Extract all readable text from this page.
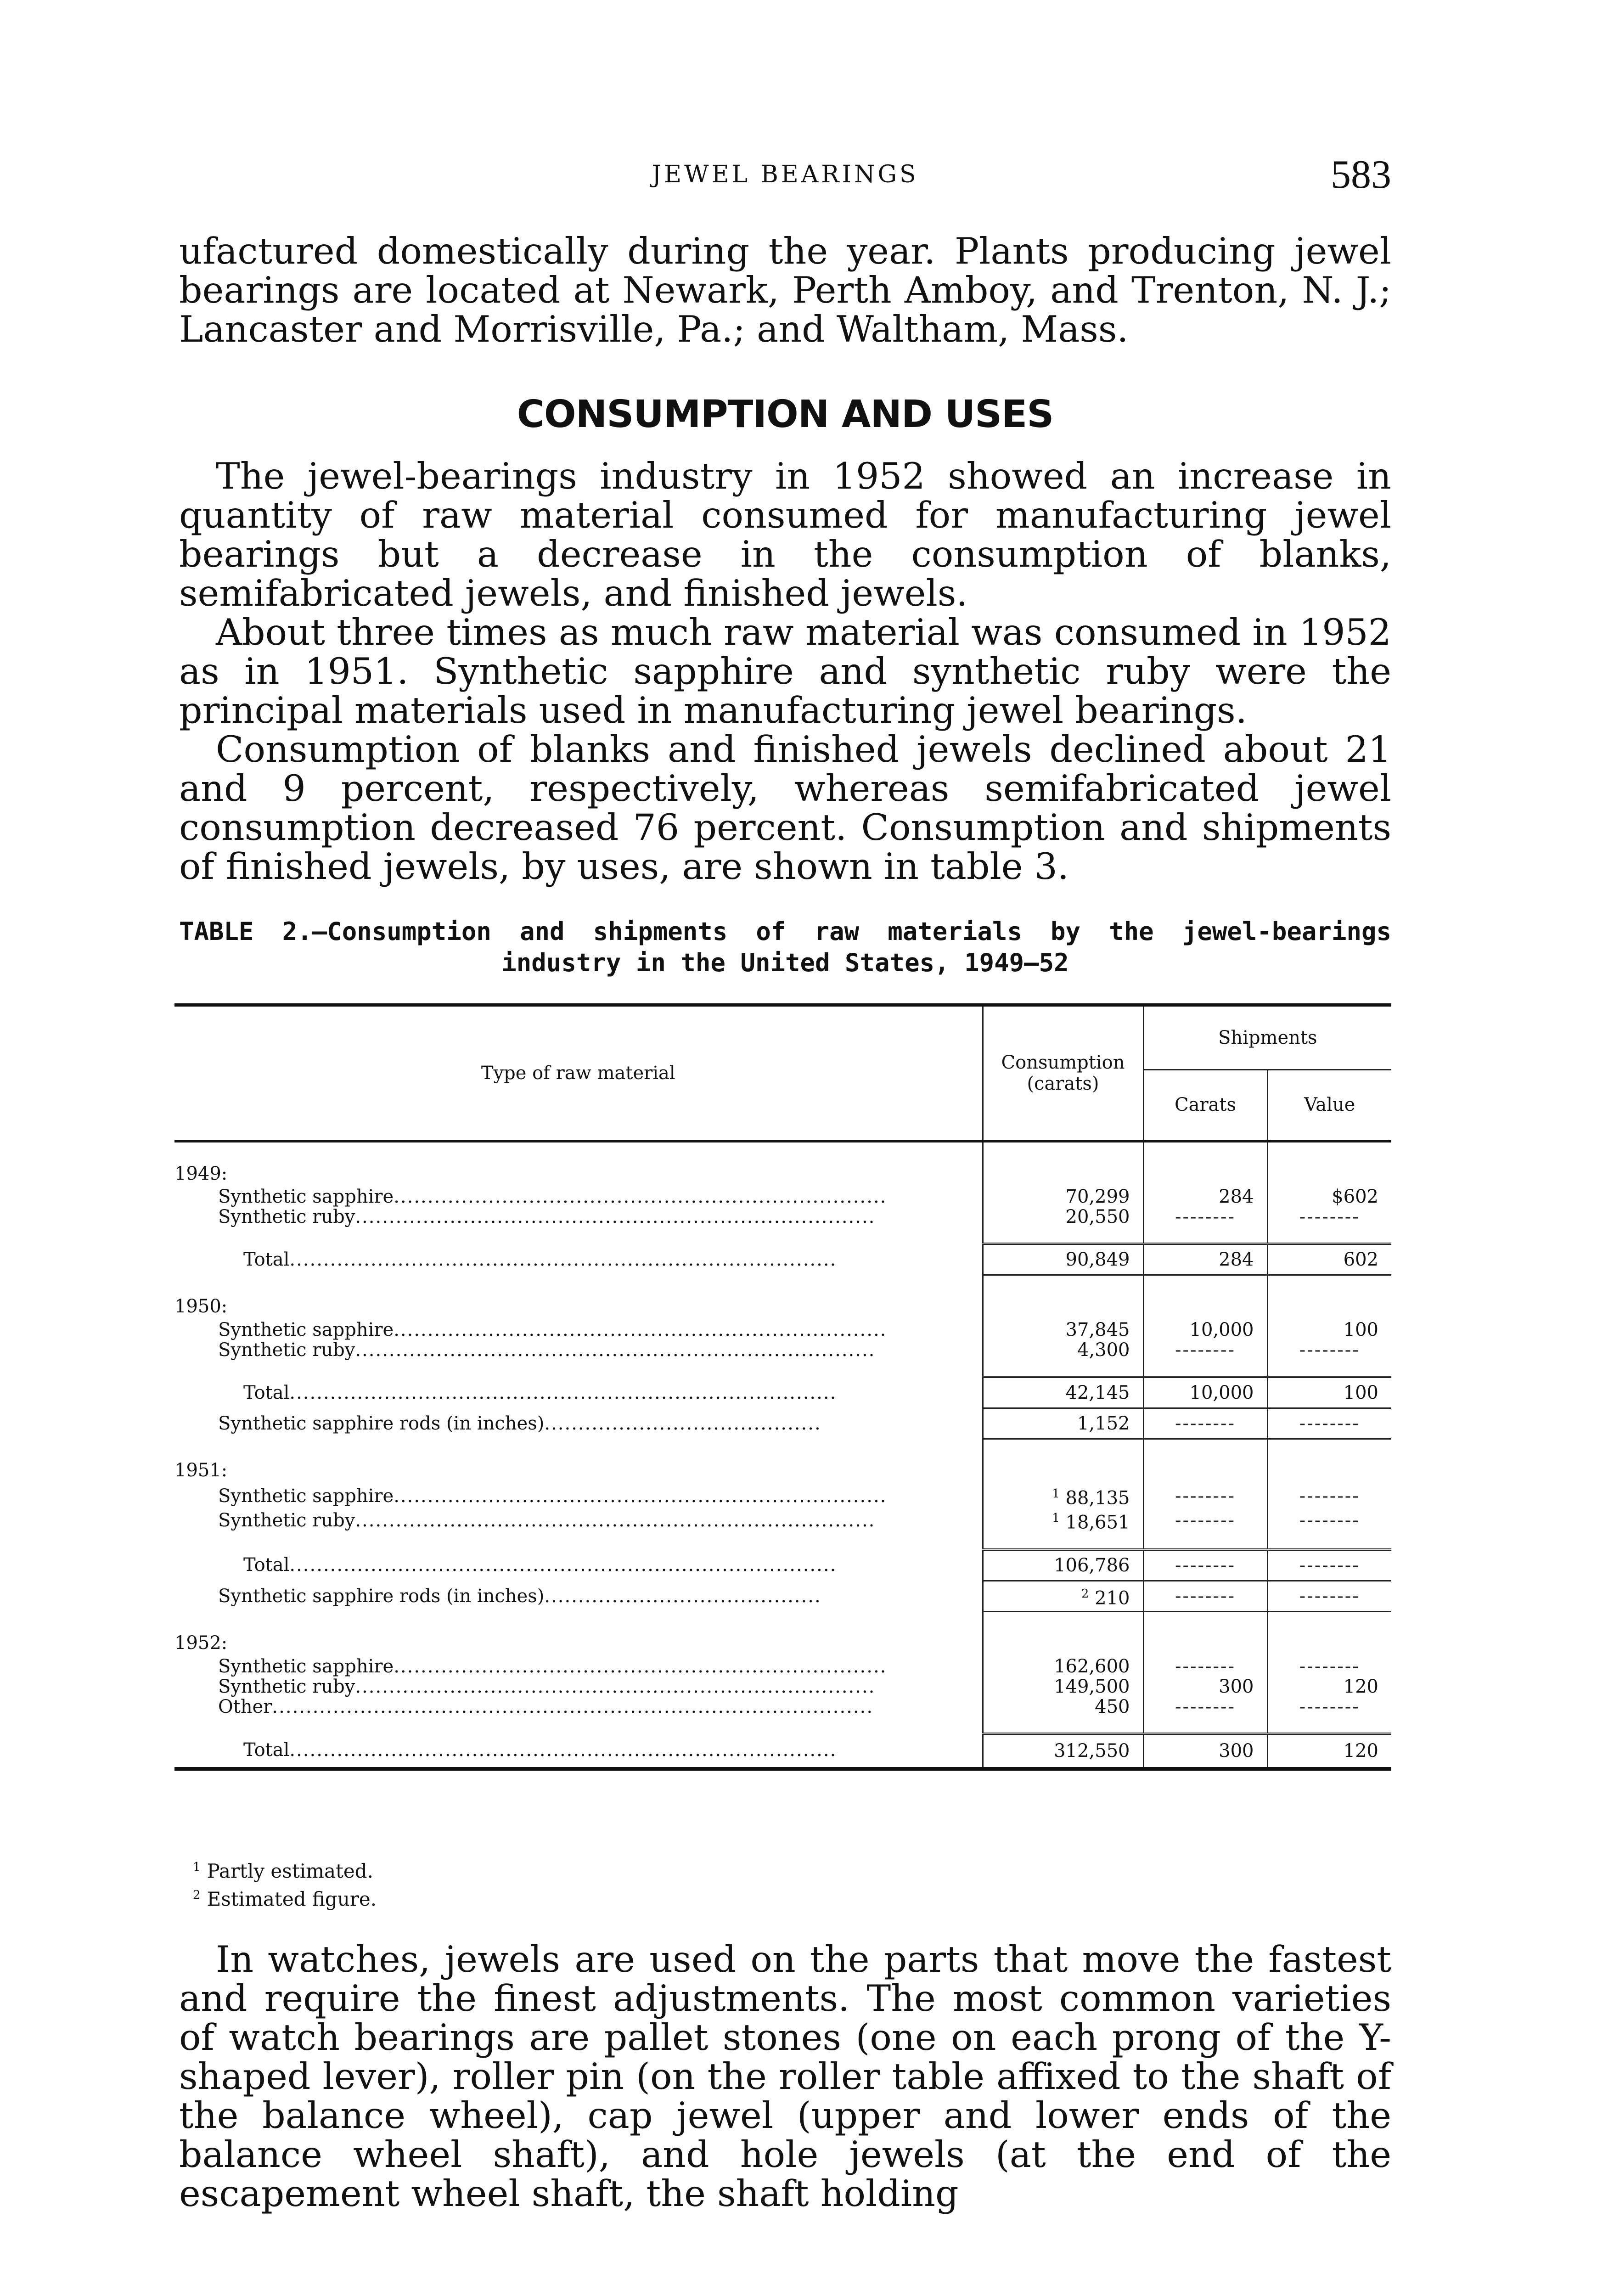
JEWEL BEARINGS	583

ufactured domestically during the year. Plants producing jewel bearings are located at Newark, Perth Amboy, and Trenton, N. J.; Lancaster and Morrisville, Pa.; and Waltham, Mass.

CONSUMPTION AND USES

The jewel-bearings industry in 1952 showed an increase in quantity of raw material consumed for manufacturing jewel bearings but a decrease in the consumption of blanks, semifabricated jewels, and finished jewels.

About three times as much raw material was consumed in 1952 as in 1951. Synthetic sapphire and synthetic ruby were the principal materials used in manufacturing jewel bearings.

Consumption of blanks and finished jewels declined about 21 and 9 percent, respectively, whereas semifabricated jewel consumption decreased 76 percent. Consumption and shipments of finished jewels, by uses, are shown in table 3.

TABLE 2.—Consumption and shipments of raw materials by the jewel-bearings
industry in the United States, 1949–52
Type of raw material	Consumption (carats)	Shipments	
		Carats	Value
1949:			
Synthetic sapphire.........................................................................	70,299	284	$602
Synthetic ruby.............................................................................	20,550	--------	--------

Total.................................................................................	90,849	284	602
1950:			
Synthetic sapphire.........................................................................	37,845	10,000	100
Synthetic ruby.............................................................................	4,300	--------	--------

Total.................................................................................	42,145	10,000	100
Synthetic sapphire rods (in inches).........................................	1,152	--------	--------
1951:			
Synthetic sapphire.........................................................................	$^1$ 88,135	--------	--------
Synthetic ruby.............................................................................	$^1$ 18,651	--------	--------

Total.................................................................................	106,786	--------	--------
Synthetic sapphire rods (in inches).........................................	$^2$ 210	--------	--------
1952:			
Synthetic sapphire.........................................................................	162,600	--------	--------
Synthetic ruby.............................................................................	149,500	300	120
Other.........................................................................................	450	--------	--------

Total.................................................................................	312,550	300	120
$^1$ Partly estimated.
$^2$ Estimated figure.

In watches, jewels are used on the parts that move the fastest and require the finest adjustments. The most common varieties of watch bearings are pallet stones (one on each prong of the Y-shaped lever), roller pin (on the roller table affixed to the shaft of the balance wheel), cap jewel (upper and lower ends of the balance wheel shaft), and hole jewels (at the end of the escapement wheel shaft, the shaft holding
